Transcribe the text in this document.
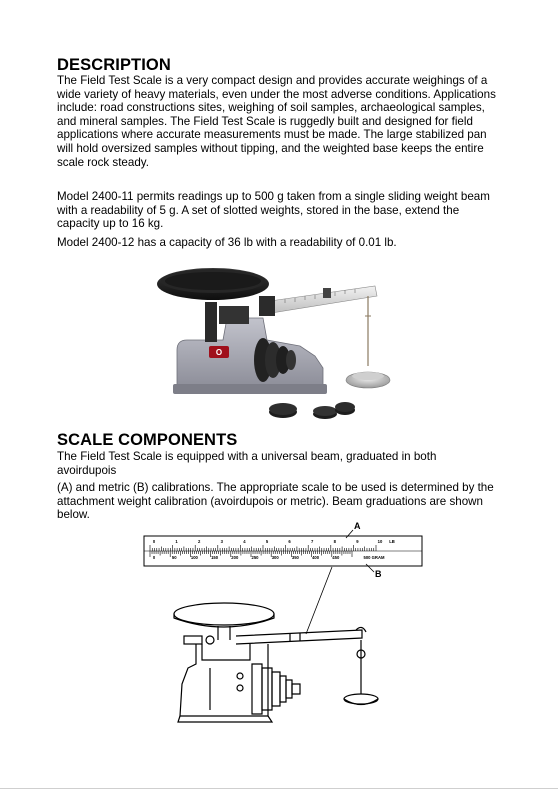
DESCRIPTION

The Field Test Scale is a very compact design and provides accurate weighings of a wide variety of heavy materials, even under the most adverse conditions. Applications include: road constructions sites, weighing of soil samples, archaeological samples, and mineral samples. The Field Test Scale is ruggedly built and designed for field applications where accurate measurements must be made. The large stabilized pan will hold oversized samples without tipping, and the weighted base keeps the entire scale rock steady.

Model 2400-11 permits readings up to 500 g taken from a single sliding weight beam with a readability of 5 g. A set of slotted weights, stored in the base, extend the capacity up to 16 kg.

Model 2400-12 has a capacity of 36 lb with a readability of 0.01 lb.

O
SCALE COMPONENTS

The Field Test Scale is equipped with a universal beam, graduated in both avoirdupois

(A) and metric (B) calibrations. The appropriate scale to be used is determined by the attachment weight calibration (avoirdupois or metric). Beam graduations are shown below.

0	1	2	3	4	5	6	7	8	9	10 LB
0	50	100	150	200	250	300	350	400	450	500 GRAM
A
B
